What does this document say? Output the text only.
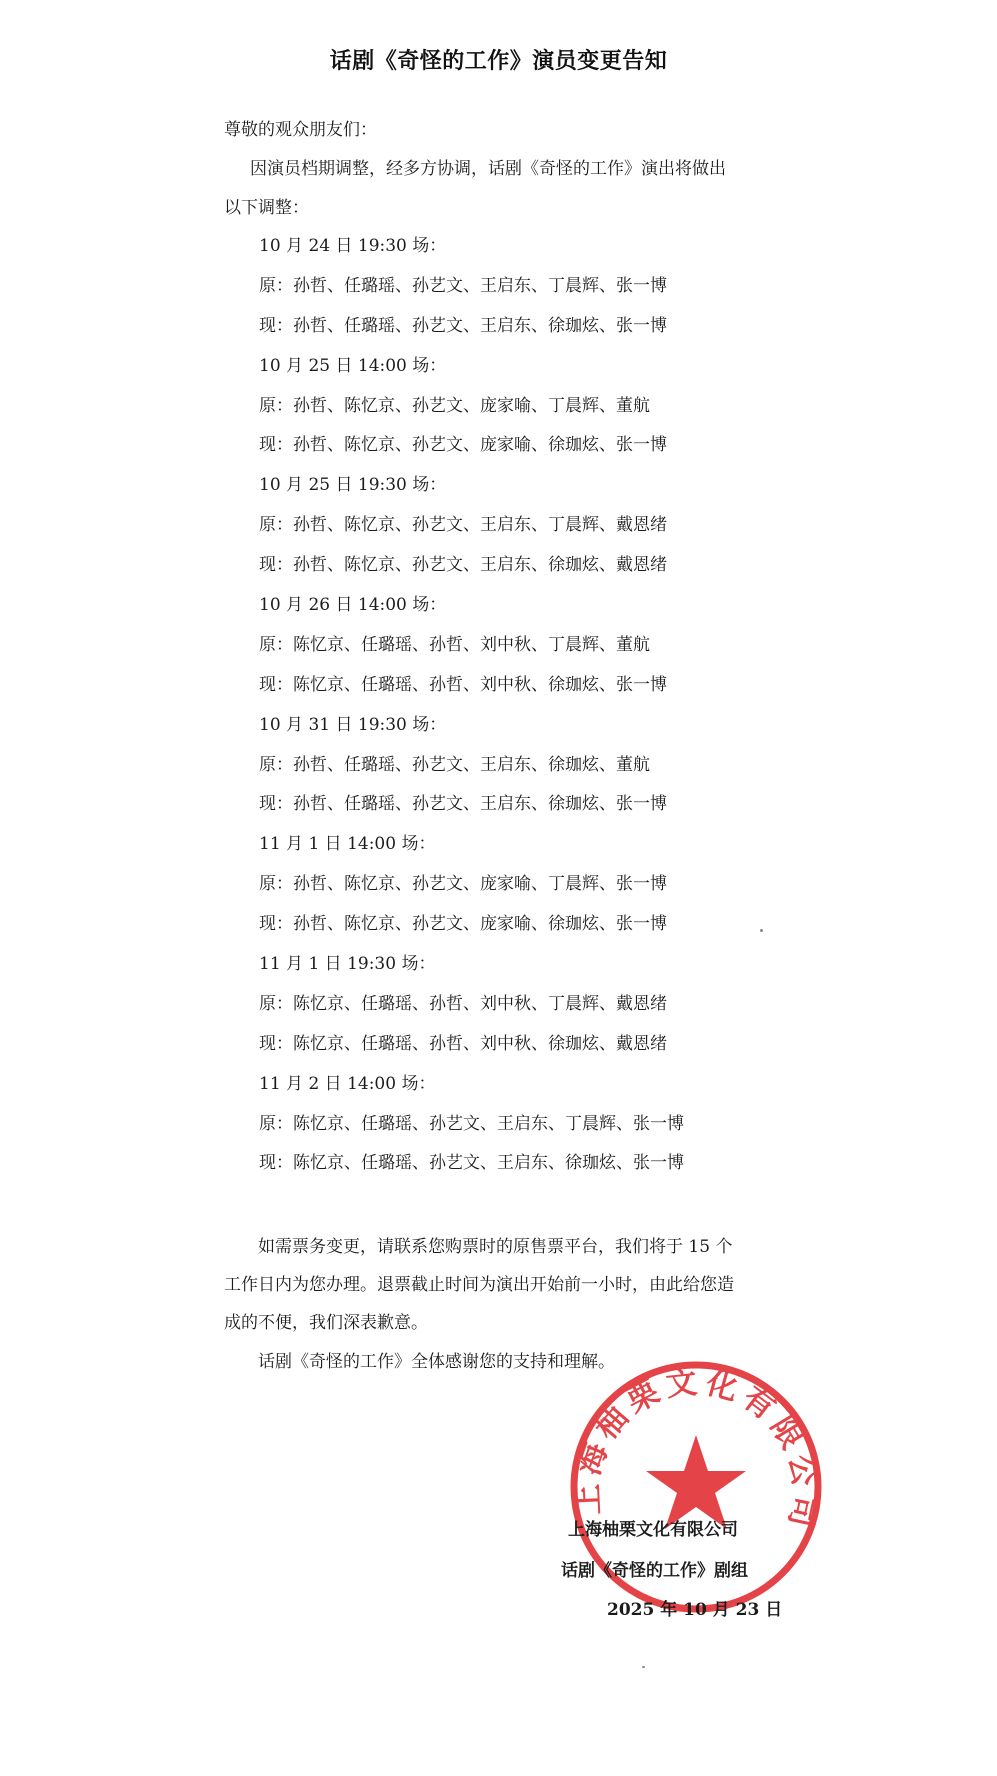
话剧《奇怪的工作》演员变更告知
尊敬的观众朋友们：
因演员档期调整，经多方协调，话剧《奇怪的工作》演出将做出
以下调整：
10 月 24 日 19:30 场：
原：孙哲、任璐瑶、孙艺文、王启东、丁晨辉、张一博
现：孙哲、任璐瑶、孙艺文、王启东、徐珈炫、张一博
10 月 25 日 14:00 场：
原：孙哲、陈忆京、孙艺文、庞家喻、丁晨辉、董航
现：孙哲、陈忆京、孙艺文、庞家喻、徐珈炫、张一博
10 月 25 日 19:30 场：
原：孙哲、陈忆京、孙艺文、王启东、丁晨辉、戴恩绪
现：孙哲、陈忆京、孙艺文、王启东、徐珈炫、戴恩绪
10 月 26 日 14:00 场：
原：陈忆京、任璐瑶、孙哲、刘中秋、丁晨辉、董航
现：陈忆京、任璐瑶、孙哲、刘中秋、徐珈炫、张一博
10 月 31 日 19:30 场：
原：孙哲、任璐瑶、孙艺文、王启东、徐珈炫、董航
现：孙哲、任璐瑶、孙艺文、王启东、徐珈炫、张一博
11 月 1 日 14:00 场：
原：孙哲、陈忆京、孙艺文、庞家喻、丁晨辉、张一博
现：孙哲、陈忆京、孙艺文、庞家喻、徐珈炫、张一博
11 月 1 日 19:30 场：
原：陈忆京、任璐瑶、孙哲、刘中秋、丁晨辉、戴恩绪
现：陈忆京、任璐瑶、孙哲、刘中秋、徐珈炫、戴恩绪
11 月 2 日 14:00 场：
原：陈忆京、任璐瑶、孙艺文、王启东、丁晨辉、张一博
现：陈忆京、任璐瑶、孙艺文、王启东、徐珈炫、张一博
如需票务变更，请联系您购票时的原售票平台，我们将于 15 个
工作日内为您办理。退票截止时间为演出开始前一小时，由此给您造
成的不便，我们深表歉意。
话剧《奇怪的工作》全体感谢您的支持和理解。
上海柚栗文化有限公司
上海柚栗文化有限公司
话剧《奇怪的工作》剧组
2025 年 10 月 23 日
